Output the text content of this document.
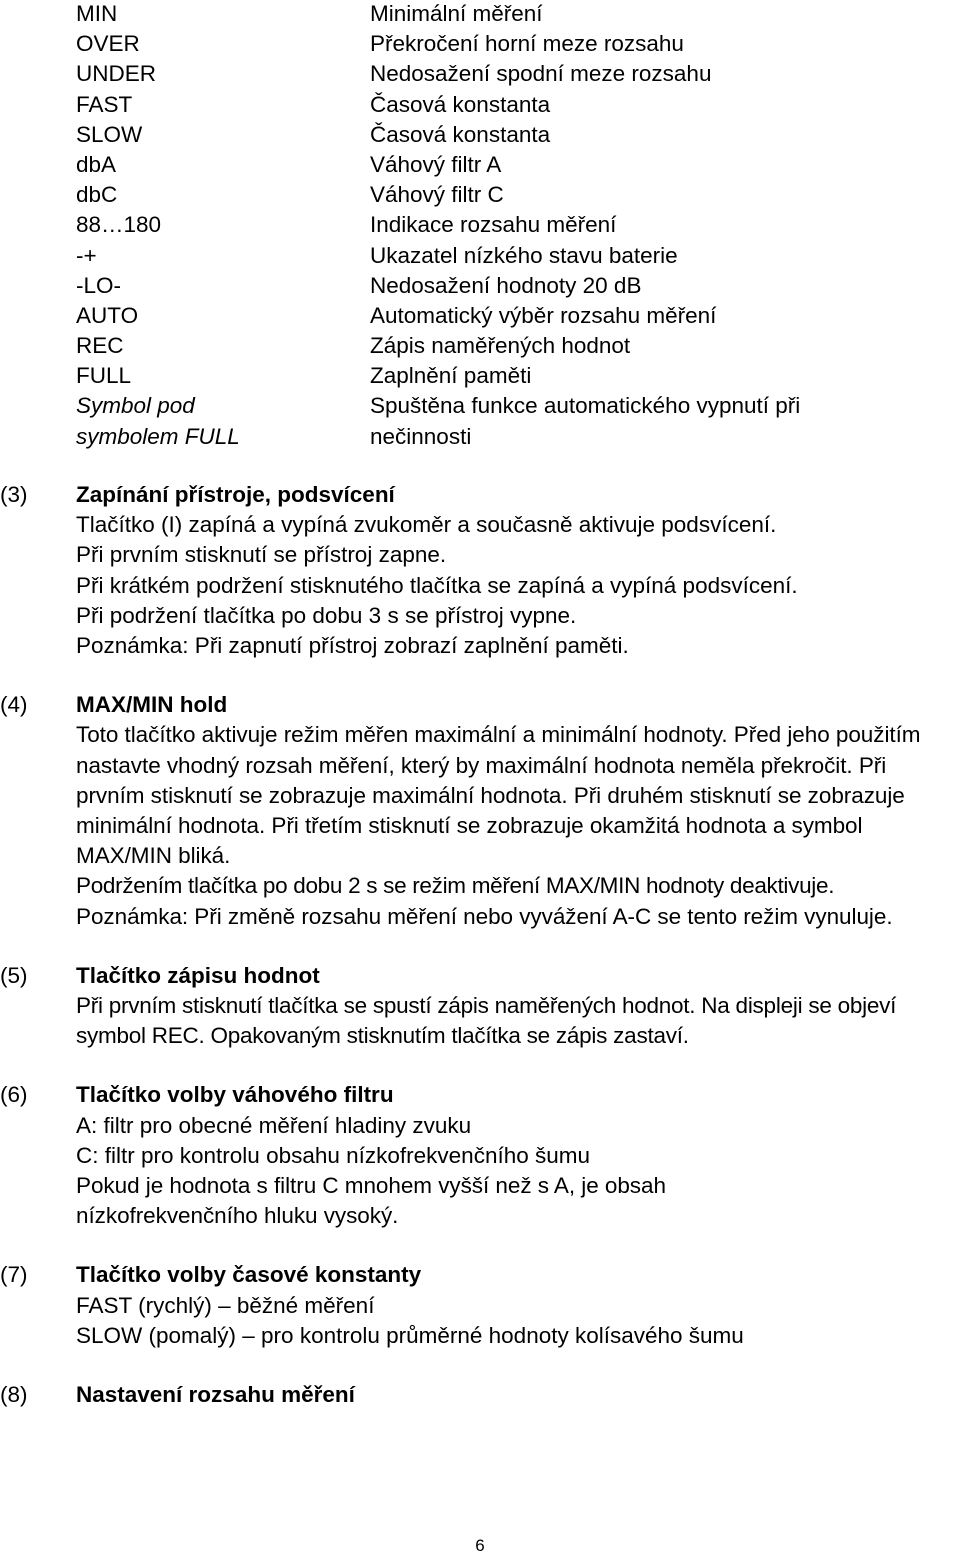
MIN	Minimální měření
OVER	Překročení horní meze rozsahu
UNDER	Nedosažení spodní meze rozsahu
FAST	Časová konstanta
SLOW	Časová konstanta
dbA	Váhový filtr A
dbC	Váhový filtr C
88…180	Indikace rozsahu měření
-+	Ukazatel nízkého stavu baterie
-LO-	Nedosažení hodnoty 20 dB
AUTO	Automatický výběr rozsahu měření
REC	Zápis naměřených hodnot
FULL	Zaplnění paměti
Symbol pod	Spuštěna funkce automatického vypnutí při
symbolem FULL	nečinnosti
(3)	Zapínání přístroje, podsvícení
Tlačítko (I) zapíná a vypíná zvukoměr a současně aktivuje podsvícení.
Při prvním stisknutí se přístroj zapne.
Při krátkém podržení stisknutého tlačítka se zapíná a vypíná podsvícení.
Při podržení tlačítka po dobu 3 s se přístroj vypne.
Poznámka: Při zapnutí přístroj zobrazí zaplnění paměti.
(4)	MAX/MIN hold

Toto tlačítko aktivuje režim měřen maximální a minimální hodnoty. Před jeho použitím nastavte vhodný rozsah měření, který by maximální hodnota neměla překročit. Při prvním stisknutí se zobrazuje maximální hodnota. Při druhém stisknutí se zobrazuje minimální hodnota. Při třetím stisknutí se zobrazuje okamžitá hodnota a symbol MAX/MIN bliká.

Podržením tlačítka po dobu 2 s se režim měření MAX/MIN hodnoty deaktivuje.

Poznámka: Při změně rozsahu měření nebo vyvážení A-C se tento režim vynuluje.

(5)	Tlačítko zápisu hodnot

Při prvním stisknutí tlačítka se spustí zápis naměřených hodnot. Na displeji se objeví symbol REC. Opakovaným stisknutím tlačítka se zápis zastaví.

(6)	Tlačítko volby váhového filtru
A: filtr pro obecné měření hladiny zvuku
C: filtr pro kontrolu obsahu nízkofrekvenčního šumu

Pokud je hodnota s filtru C mnohem vyšší než s A, je obsah nízkofrekvenčního hluku vysoký.

(7)	Tlačítko volby časové konstanty
FAST (rychlý) – běžné měření
SLOW (pomalý) – pro kontrolu průměrné hodnoty kolísavého šumu
(8)	Nastavení rozsahu měření
6
